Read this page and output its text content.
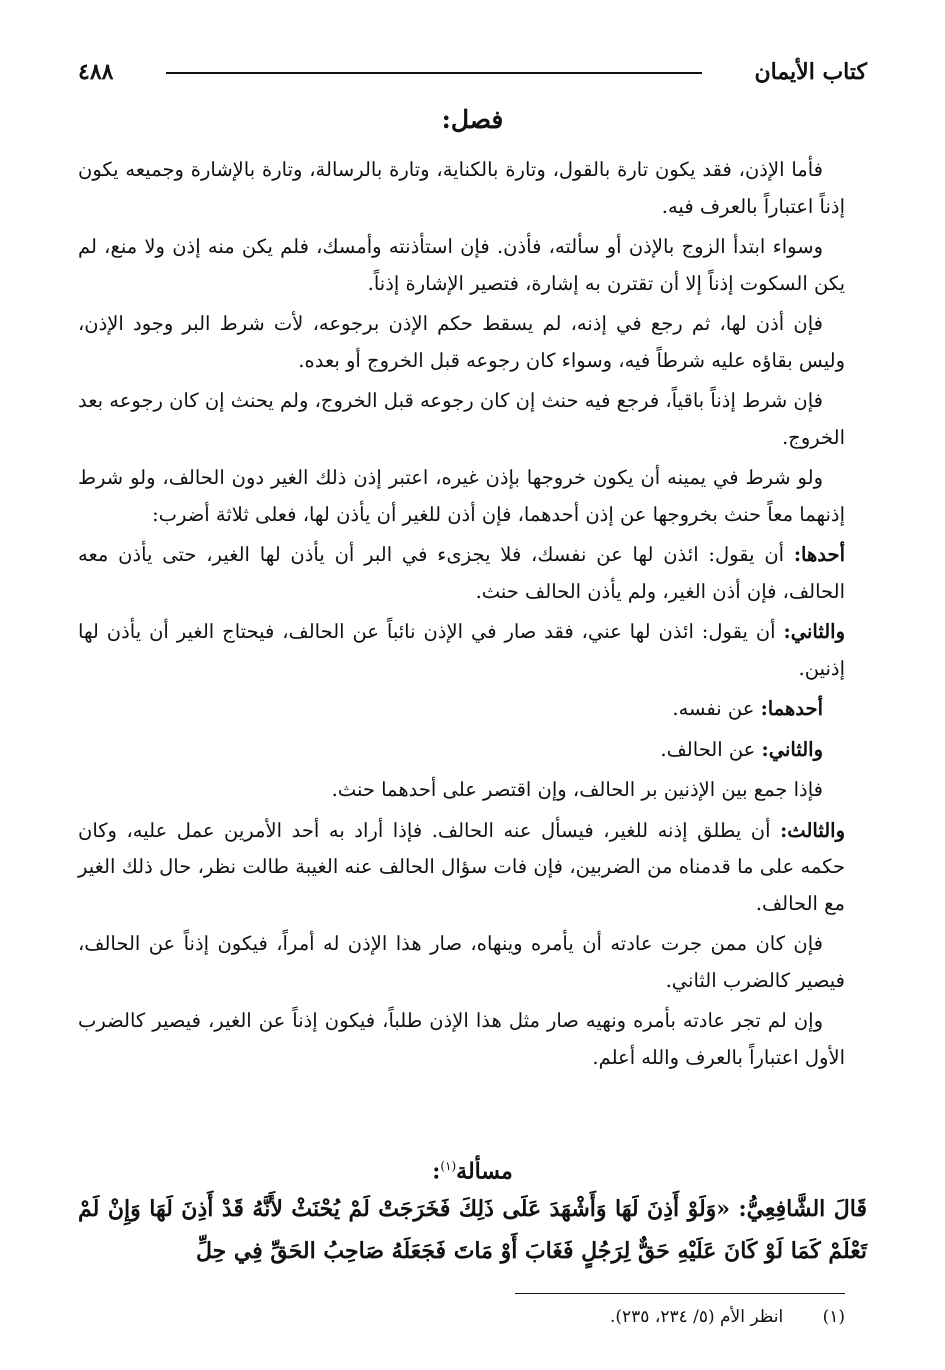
كتاب الأيمان
٤٨٨
فصل:

فأما الإذن، فقد يكون تارة بالقول، وتارة بالكناية، وتارة بالرسالة، وتارة بالإشارة وجميعه يكون إذناً اعتباراً بالعرف فيه.

وسواء ابتدأ الزوج بالإذن أو سألته، فأذن. فإن استأذنته وأمسك، فلم يكن منه إذن ولا منع، لم يكن السكوت إذناً إلا أن تقترن به إشارة، فتصير الإشارة إذناً.

فإن أذن لها، ثم رجع في إذنه، لم يسقط حكم الإذن برجوعه، لأت شرط البر وجود الإذن، وليس بقاؤه عليه شرطاً فيه، وسواء كان رجوعه قبل الخروج أو بعده.

فإن شرط إذناً باقياً، فرجع فيه حنث إن كان رجوعه قبل الخروج، ولم يحنث إن كان رجوعه بعد الخروج.

ولو شرط في يمينه أن يكون خروجها بإذن غيره، اعتبر إذن ذلك الغير دون الحالف، ولو شرط إذنهما معاً حنث بخروجها عن إذن أحدهما، فإن أذن للغير أن يأذن لها، فعلى ثلاثة أضرب:

أحدها: أن يقول: ائذن لها عن نفسك، فلا يجزىء في البر أن يأذن لها الغير، حتى يأذن معه الحالف، فإن أذن الغير، ولم يأذن الحالف حنث.

والثاني: أن يقول: ائذن لها عني، فقد صار في الإذن نائباً عن الحالف، فيحتاج الغير أن يأذن لها إذنين.

أحدهما: عن نفسه.

والثاني: عن الحالف.

فإذا جمع بين الإذنين بر الحالف، وإن اقتصر على أحدهما حنث.

والثالث: أن يطلق إذنه للغير، فيسأل عنه الحالف. فإذا أراد به أحد الأمرين عمل عليه، وكان حكمه على ما قدمناه من الضربين، فإن فات سؤال الحالف عنه الغيبة طالت نظر، حال ذلك الغير مع الحالف.

فإن كان ممن جرت عادته أن يأمره وينهاه، صار هذا الإذن له أمراً، فيكون إذناً عن الحالف، فيصير كالضرب الثاني.

وإن لم تجر عادته بأمره ونهيه صار مثل هذا الإذن طلباً، فيكون إذناً عن الغير، فيصير كالضرب الأول اعتباراً بالعرف والله أعلم.

مسألة$^{(١)}$:
قَالَ الشَّافِعِيُّ: «وَلَوْ أَذِنَ لَهَا وَأَشْهَدَ عَلَى ذَلِكَ فَخَرَجَتْ لَمْ يُحْنَثْ لأَنَّهُ قَدْ أَذِنَ لَهَا وَإِنْ لَمْ تَعْلَمْ كَمَا لَوْ كَانَ عَلَيْهِ حَقٌّ لِرَجُلٍ فَغَابَ أَوْ مَاتَ فَجَعَلَهُ صَاحِبُ الحَقِّ فِي حِلِّ
(١) انظر الأم (٥/ ٢٣٤، ٢٣٥).
